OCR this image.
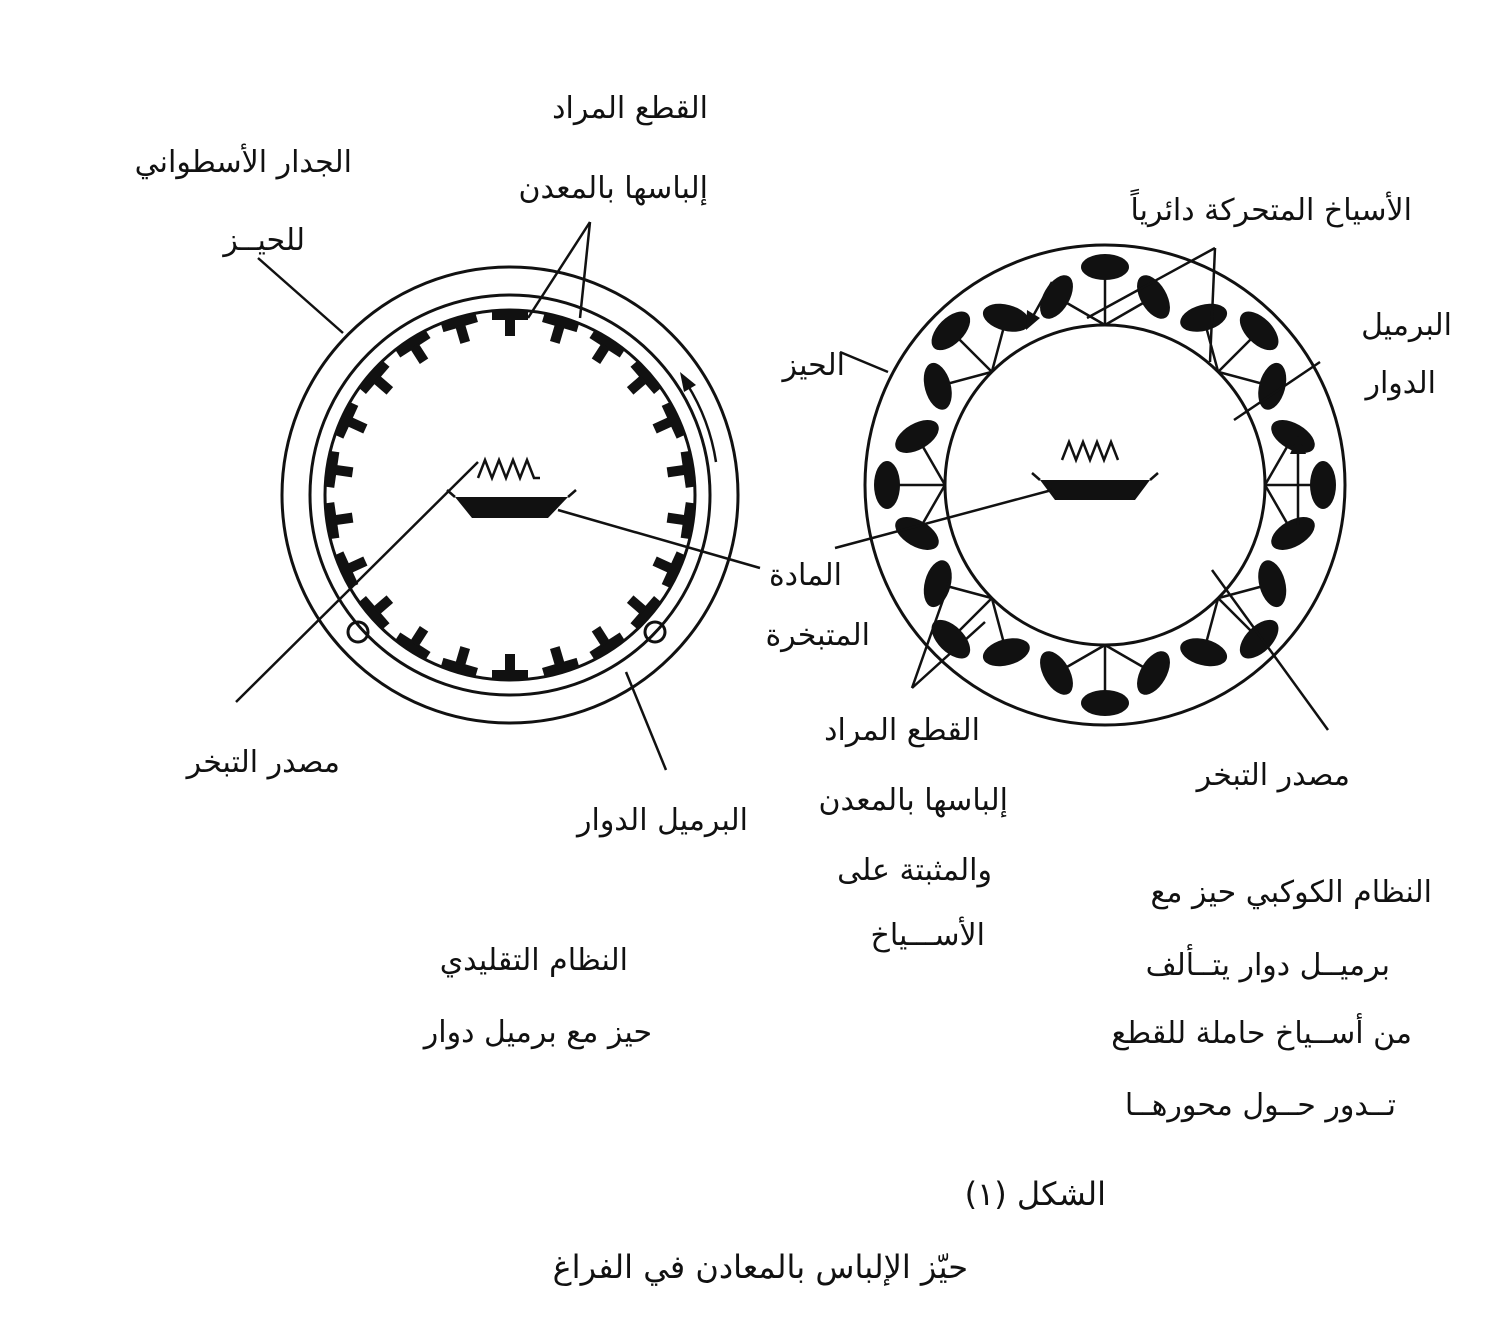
القطع المراد
إلباسها بالمعدن
الجدار الأسطواني
للحيــز
مصدر التبخر
البرميل الدوار
المادة
المتبخرة
الأسياخ المتحركة دائرياً
الحيز
البرميل
الدوار
القطع المراد
إلباسها بالمعدن
والمثبتة على
الأســـياخ
مصدر التبخر
النظام التقليدي
حيز مع برميل دوار
النظام الكوكبي حيز مع
برميــل دوار يتــألف
من أســياخ حاملة للقطع
تــدور حــول محورهــا
الشكل (١)
حيّز الإلباس بالمعادن في الفراغ
